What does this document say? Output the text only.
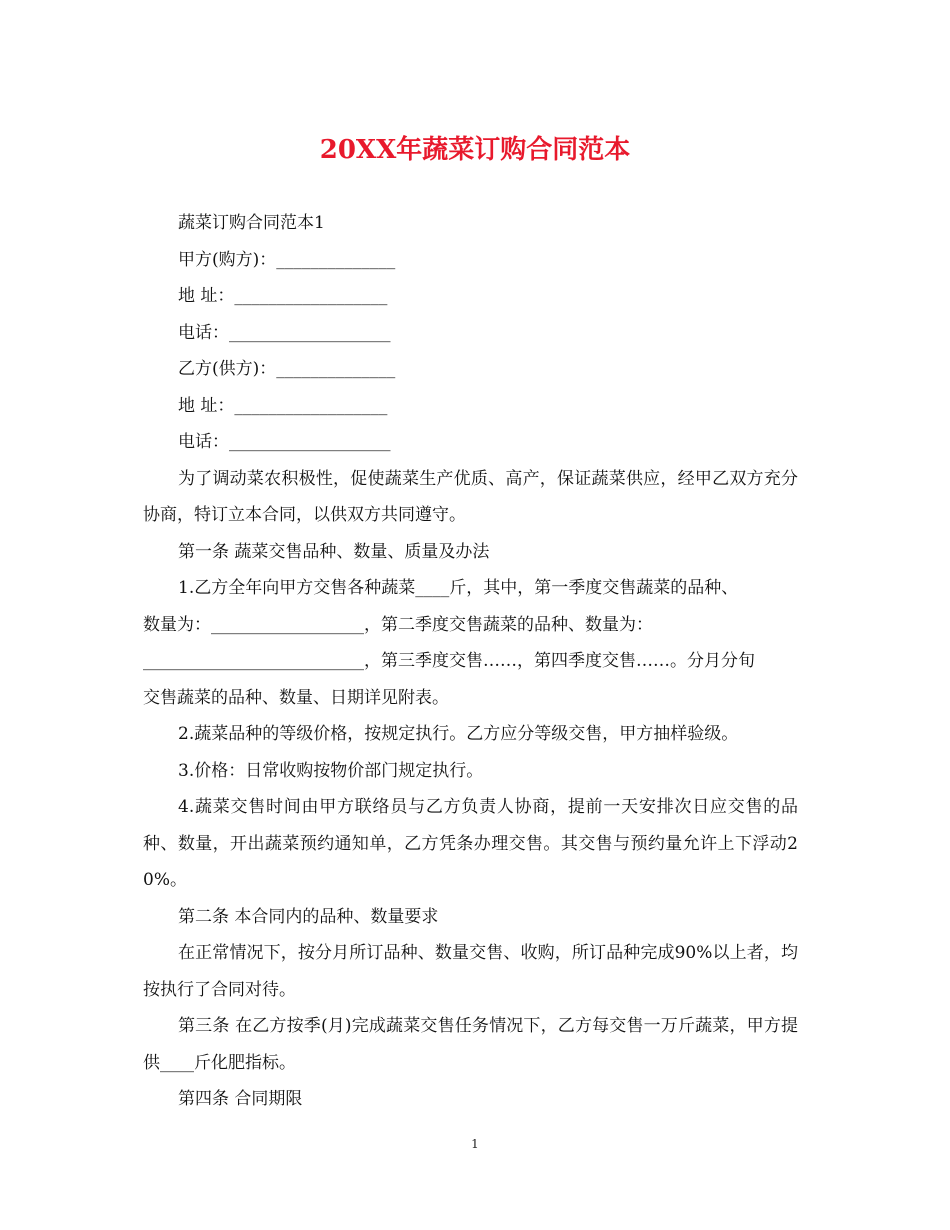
20XX年蔬菜订购合同范本

蔬菜订购合同范本1

甲方(购方)：______________

地 址：__________________

电话：___________________

乙方(供方)：______________

地 址：__________________

电话：___________________

为了调动菜农积极性，促使蔬菜生产优质、高产，保证蔬菜供应，经甲乙双方充分协商，特订立本合同，以供双方共同遵守。

第一条 蔬菜交售品种、数量、质量及办法

1.乙方全年向甲方交售各种蔬菜____斤，其中，第一季度交售蔬菜的品种、
数量为：__________________，第二季度交售蔬菜的品种、数量为：
__________________________，第三季度交售……，第四季度交售……。分月分旬
交售蔬菜的品种、数量、日期详见附表。

2.蔬菜品种的等级价格，按规定执行。乙方应分等级交售，甲方抽样验级。

3.价格：日常收购按物价部门规定执行。

4.蔬菜交售时间由甲方联络员与乙方负责人协商，提前一天安排次日应交售的品种、数量，开出蔬菜预约通知单，乙方凭条办理交售。其交售与预约量允许上下浮动20%。

第二条 本合同内的品种、数量要求

在正常情况下，按分月所订品种、数量交售、收购，所订品种完成90%以上者，均按执行了合同对待。

第三条 在乙方按季(月)完成蔬菜交售任务情况下，乙方每交售一万斤蔬菜，甲方提供____斤化肥指标。

第四条 合同期限

1
